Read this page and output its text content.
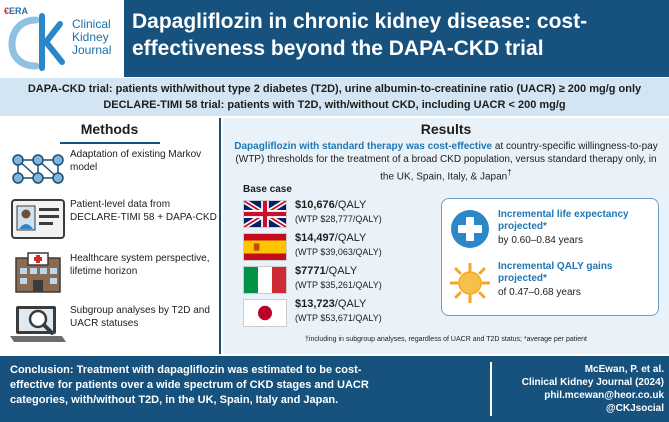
€ERA
Clinical
Kidney
Journal
Dapagliflozin in chronic kidney disease: cost-effectiveness beyond the DAPA-CKD trial
DAPA-CKD trial: patients with/without type 2 diabetes (T2D), urine albumin-to-creatinine ratio (UACR) ≥ 200 mg/g only
DECLARE-TIMI 58 trial: patients with T2D, with/without CKD, including UACR < 200 mg/g
Methods
Adaptation of existing Markov model
Patient-level data from DECLARE-TIMI 58 + DAPA-CKD
Healthcare system perspective, lifetime horizon
Subgroup analyses by T2D and UACR statuses
Results
Dapagliflozin with standard therapy was cost-effective at country-specific willingness-to-pay (WTP) thresholds for the treatment of a broad CKD population, versus standard therapy only, in the UK, Spain, Italy, & Japan†
Base case
$10,676/QALY
(WTP $28,777/QALY)
$14,497/QALY
(WTP $39,063/QALY)
$7771/QALY
(WTP $35,261/QALY)
$13,723/QALY
(WTP $53,671/QALY)
Incremental life expectancy projected*
by 0.60–0.84 years
Incremental QALY gains projected*
of 0.47–0.68 years
†including in subgroup analyses, regardless of UACR and T2D status; *average per patient
Conclusion: Treatment with dapagliflozin was estimated to be cost-effective for patients over a wide spectrum of CKD stages and UACR categories, with/without T2D, in the UK, Spain, Italy and Japan.
McEwan, P. et al.
Clinical Kidney Journal (2024)
phil.mcewan@heor.co.uk
@CKJsocial
